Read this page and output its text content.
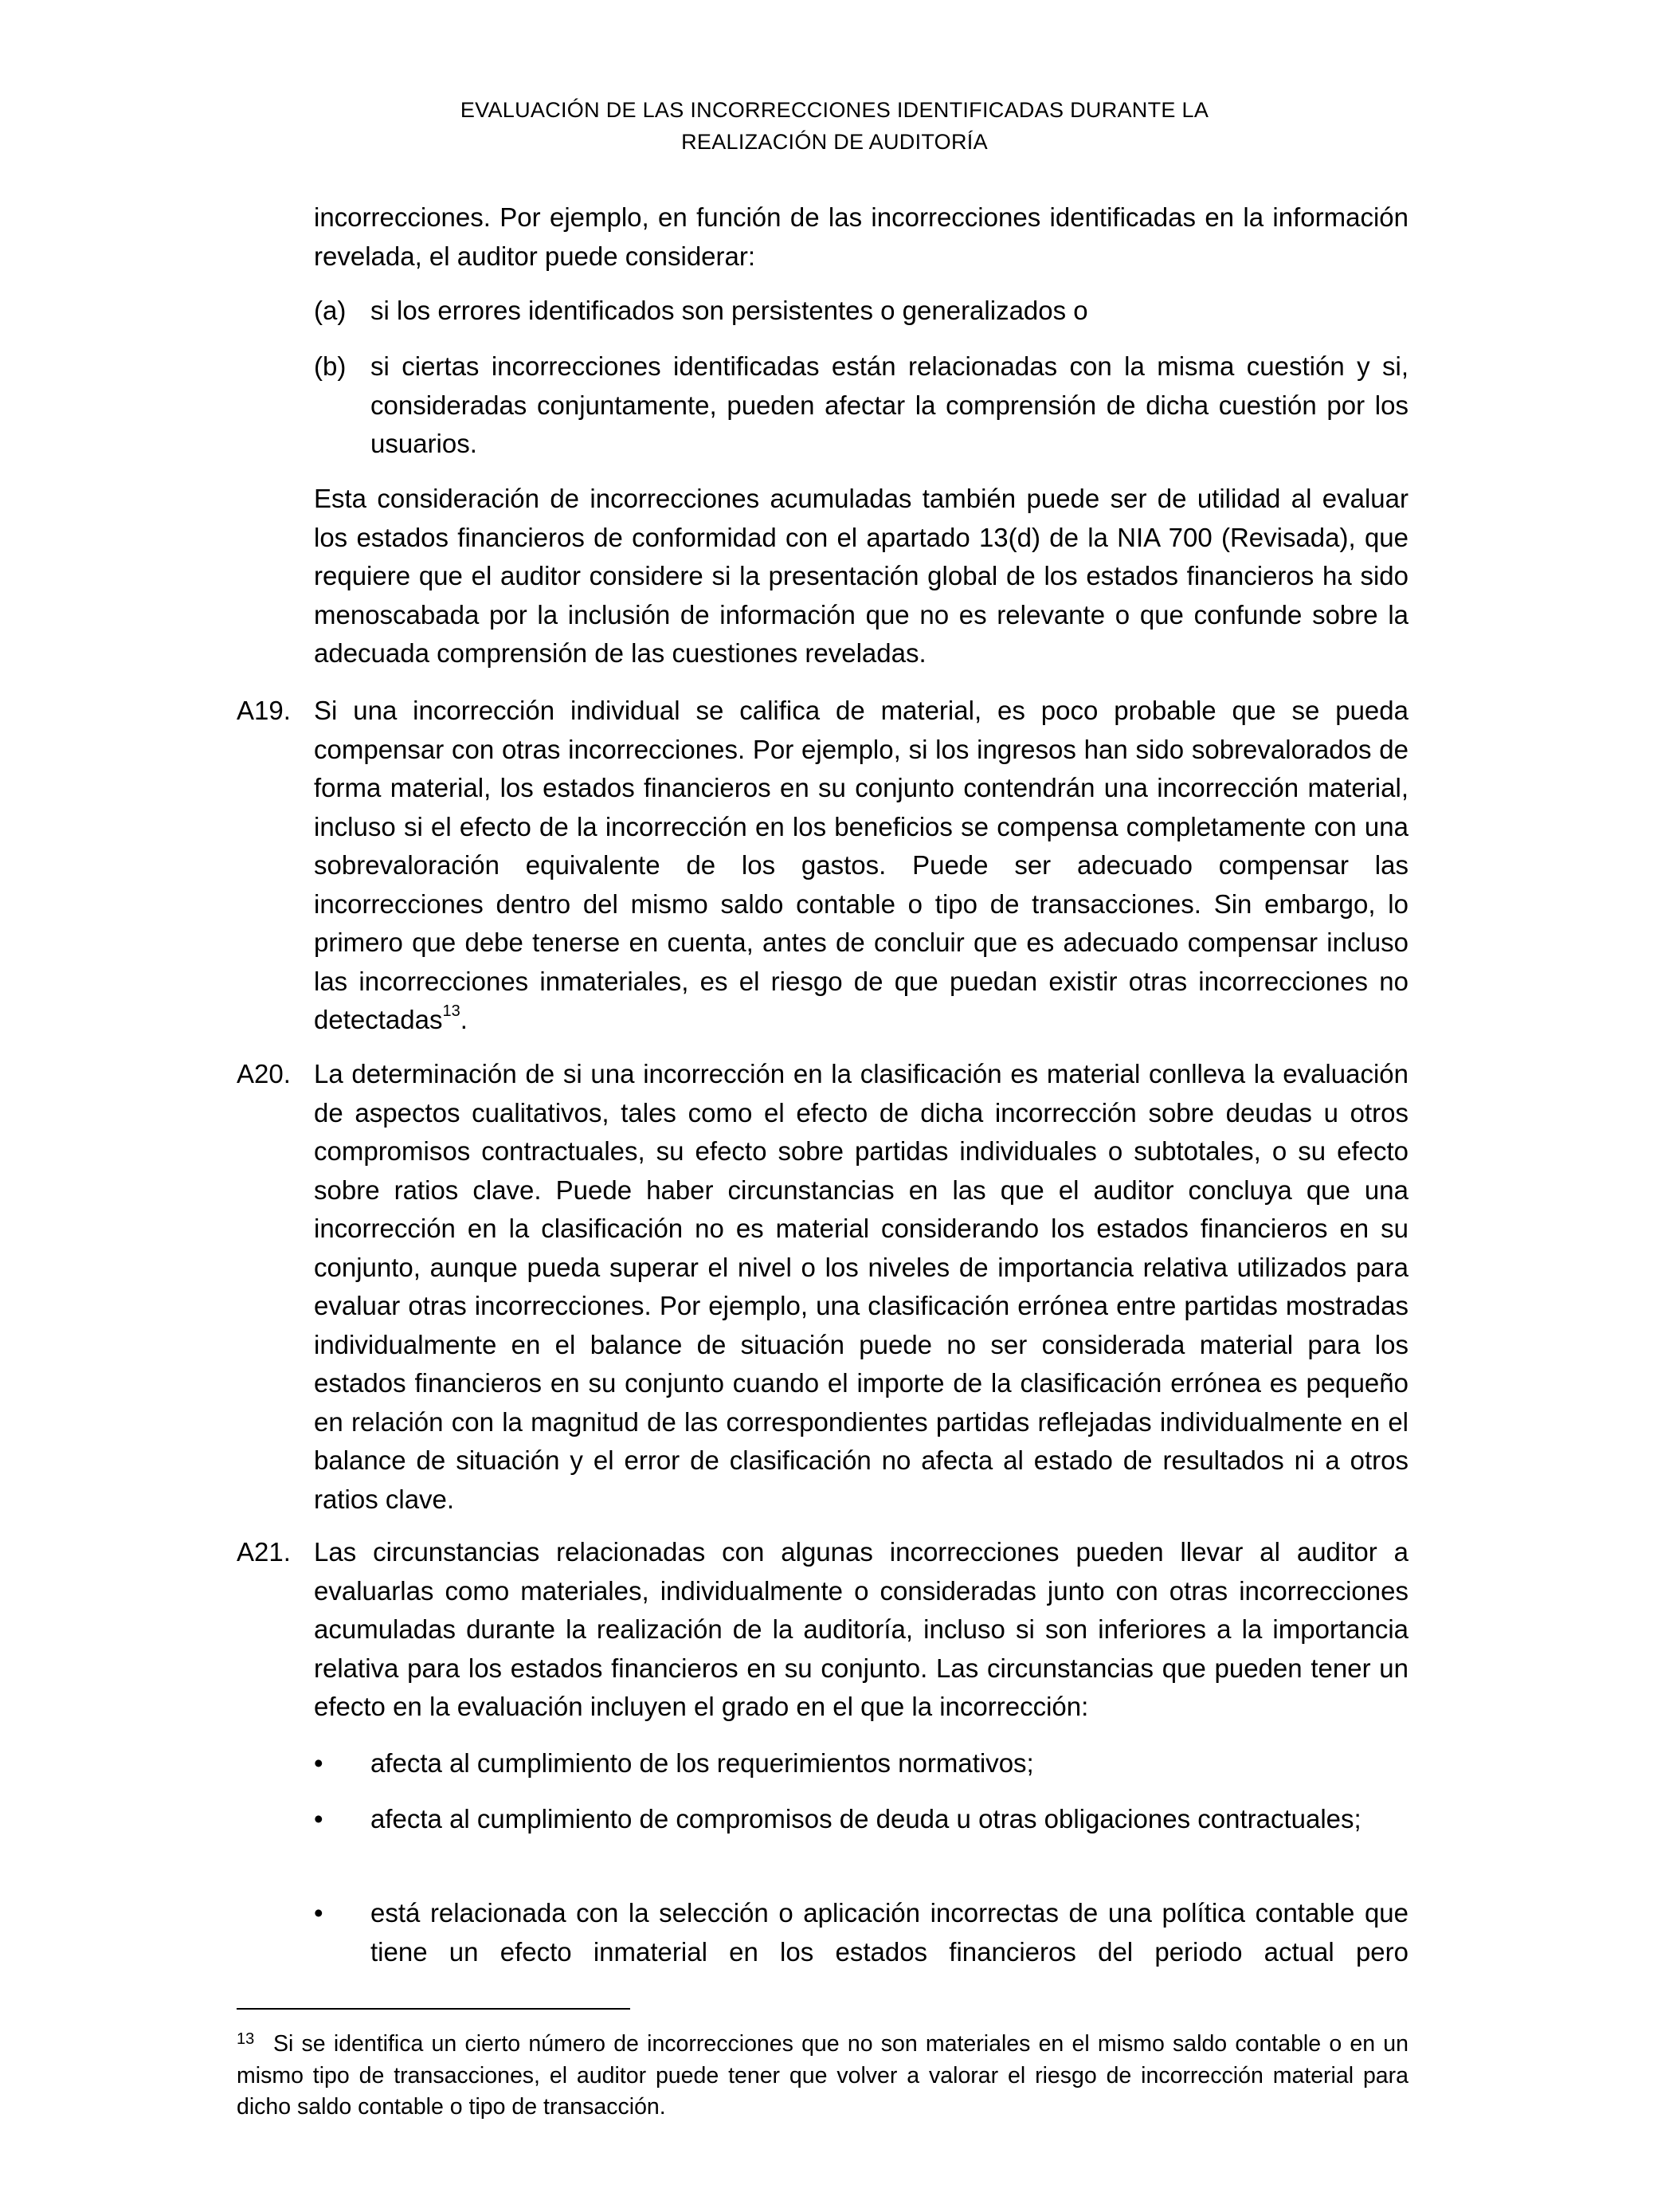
EVALUACIÓN DE LAS INCORRECCIONES IDENTIFICADAS DURANTE LA
REALIZACIÓN DE AUDITORÍA
incorrecciones. Por ejemplo, en función de las incorrecciones identificadas en la información revelada, el auditor puede considerar:
(a) si los errores identificados son persistentes o generalizados o
(b) si ciertas incorrecciones identificadas están relacionadas con la misma cuestión y si, consideradas conjuntamente, pueden afectar la comprensión de dicha cuestión por los usuarios.
Esta consideración de incorrecciones acumuladas también puede ser de utilidad al evaluar los estados financieros de conformidad con el apartado 13(d) de la NIA 700 (Revisada), que requiere que el auditor considere si la presentación global de los estados financieros ha sido menoscabada por la inclusión de información que no es relevante o que confunde sobre la adecuada comprensión de las cuestiones reveladas.
A19. Si una incorrección individual se califica de material, es poco probable que se pueda compensar con otras incorrecciones. Por ejemplo, si los ingresos han sido sobrevalorados de forma material, los estados financieros en su conjunto contendrán una incorrección material, incluso si el efecto de la incorrección en los beneficios se compensa completamente con una sobrevaloración equivalente de los gastos. Puede ser adecuado compensar las incorrecciones dentro del mismo saldo contable o tipo de transacciones. Sin embargo, lo primero que debe tenerse en cuenta, antes de concluir que es adecuado compensar incluso las incorrecciones inmateriales, es el riesgo de que puedan existir otras incorrecciones no detectadas$^{13}$.
A20. La determinación de si una incorrección en la clasificación es material conlleva la evaluación de aspectos cualitativos, tales como el efecto de dicha incorrección sobre deudas u otros compromisos contractuales, su efecto sobre partidas individuales o subtotales, o su efecto sobre ratios clave. Puede haber circunstancias en las que el auditor concluya que una incorrección en la clasificación no es material considerando los estados financieros en su conjunto, aunque pueda superar el nivel o los niveles de importancia relativa utilizados para evaluar otras incorrecciones. Por ejemplo, una clasificación errónea entre partidas mostradas individualmente en el balance de situación puede no ser considerada material para los estados financieros en su conjunto cuando el importe de la clasificación errónea es pequeño en relación con la magnitud de las correspondientes partidas reflejadas individualmente en el balance de situación y el error de clasificación no afecta al estado de resultados ni a otros ratios clave.
A21. Las circunstancias relacionadas con algunas incorrecciones pueden llevar al auditor a evaluarlas como materiales, individualmente o consideradas junto con otras incorrecciones acumuladas durante la realización de la auditoría, incluso si son inferiores a la importancia relativa para los estados financieros en su conjunto. Las circunstancias que pueden tener un efecto en la evaluación incluyen el grado en el que la incorrección:
•	afecta al cumplimiento de los requerimientos normativos;
•	afecta al cumplimiento de compromisos de deuda u otras obligaciones contractuales;
•	está relacionada con la selección o aplicación incorrectas de una política contable que tiene un efecto inmaterial en los estados financieros del periodo actual pero
13 Si se identifica un cierto número de incorrecciones que no son materiales en el mismo saldo contable o en un mismo tipo de transacciones, el auditor puede tener que volver a valorar el riesgo de incorrección material para dicho saldo contable o tipo de transacción.
